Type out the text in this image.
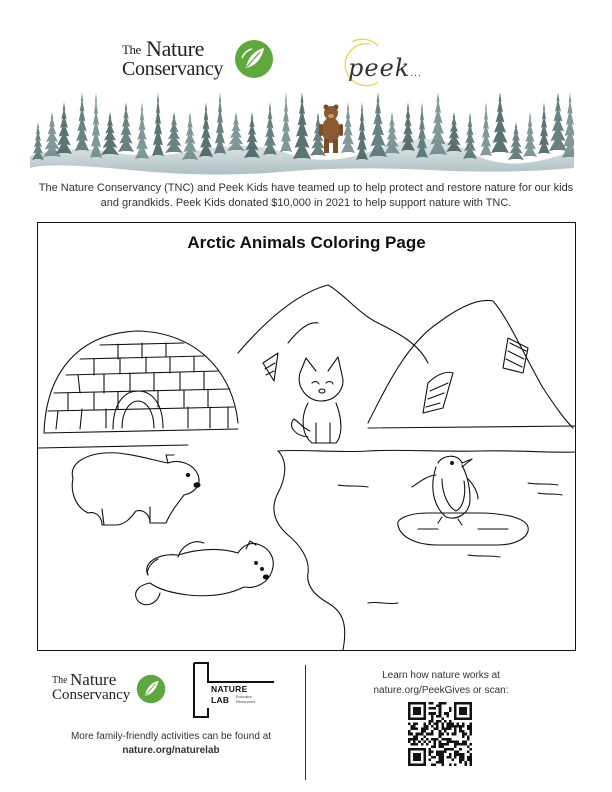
The Nature
Conservancy	peek...

The Nature Conservancy (TNC) and Peek Kids have teamed up to help protect and restore nature for our kids and grandkids. Peek Kids donated $10,000 in 2021 to help support nature with TNC.

Arctic Animals Coloring Page

The Nature
Conservancy	NATURE
LAB Educator Resources

More family-friendly activities can be found at
nature.org/naturelab

Learn how nature works at
nature.org/PeekGives or scan:
